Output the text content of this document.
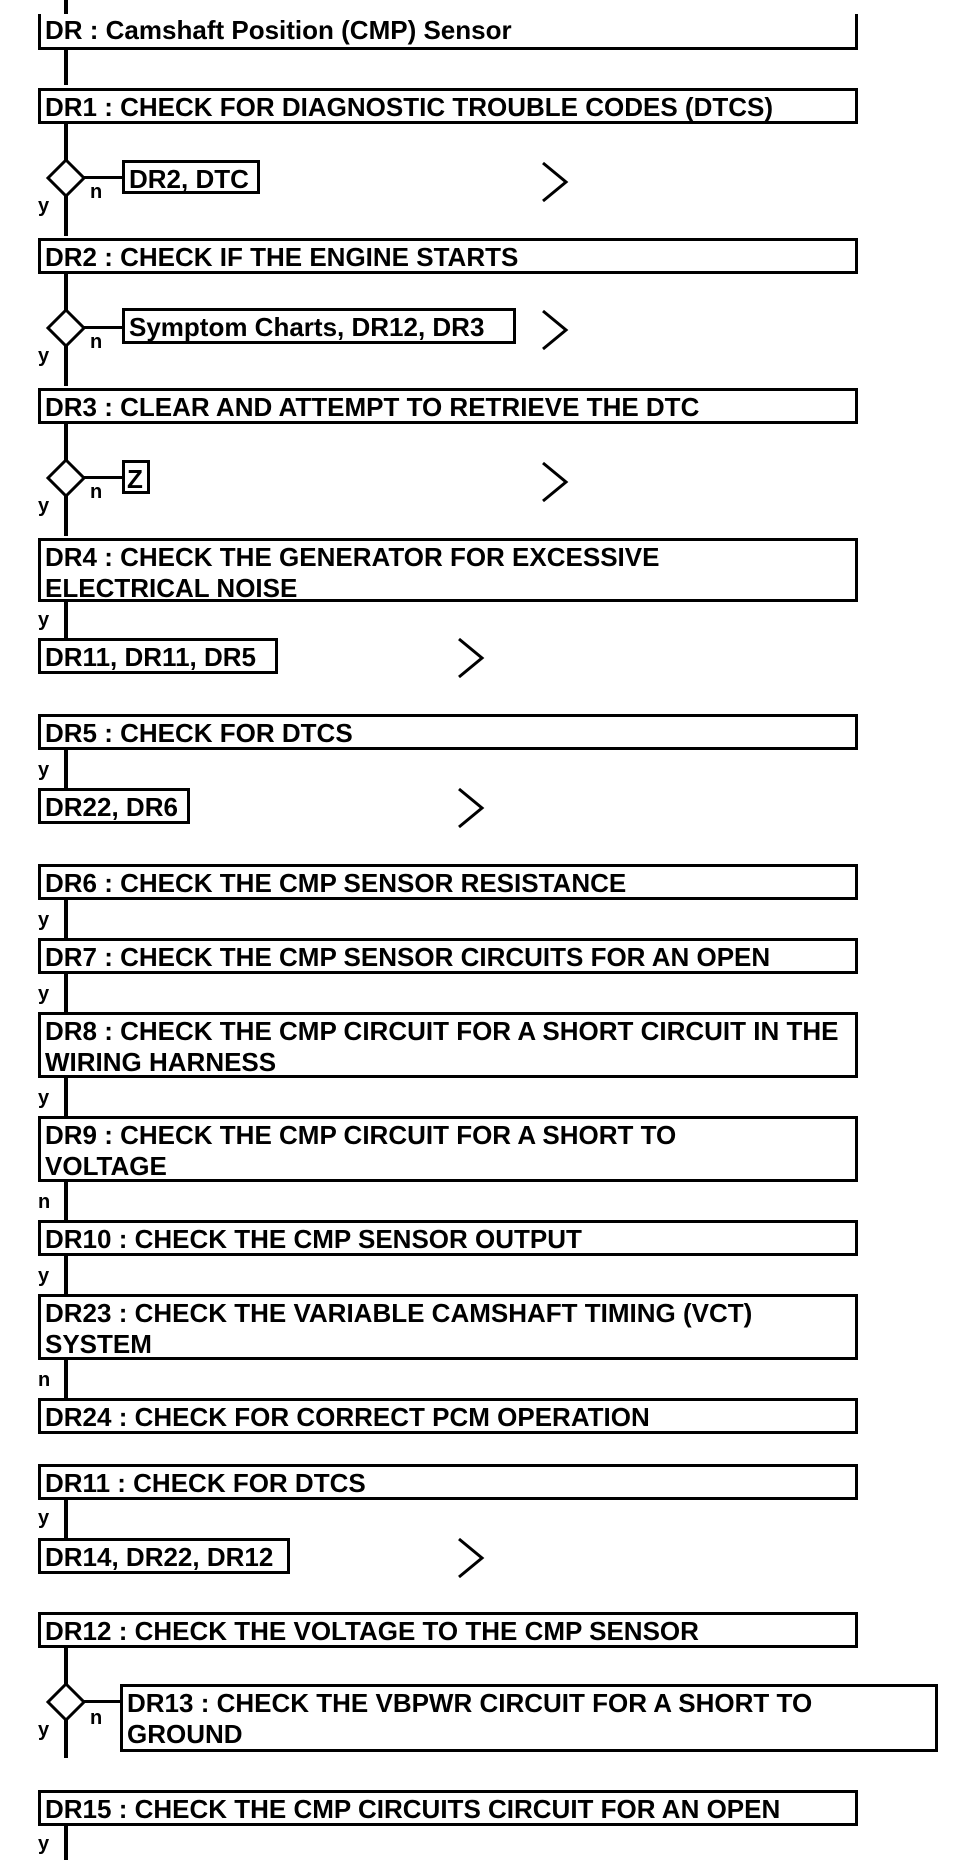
DR : Camshaft Position (CMP) Sensor
DR1 : CHECK FOR DIAGNOSTIC TROUBLE CODES (DTCS)
n
y
DR2, DTC
DR2 : CHECK IF THE ENGINE STARTS
n
y
Symptom Charts, DR12, DR3
DR3 : CLEAR AND ATTEMPT TO RETRIEVE THE DTC
n
y
Z
DR4 : CHECK THE GENERATOR FOR EXCESSIVE ELECTRICAL NOISE
y
DR11, DR11, DR5
DR5 : CHECK FOR DTCS
y
DR22, DR6
DR6 : CHECK THE CMP SENSOR RESISTANCE
y
DR7 : CHECK THE CMP SENSOR CIRCUITS FOR AN OPEN
y
DR8 : CHECK THE CMP CIRCUIT FOR A SHORT CIRCUIT IN THE WIRING HARNESS
y
DR9 : CHECK THE CMP CIRCUIT FOR A SHORT TO VOLTAGE
n
DR10 : CHECK THE CMP SENSOR OUTPUT
y
DR23 : CHECK THE VARIABLE CAMSHAFT TIMING (VCT) SYSTEM
n
DR24 : CHECK FOR CORRECT PCM OPERATION
DR11 : CHECK FOR DTCS
y
DR14, DR22, DR12
DR12 : CHECK THE VOLTAGE TO THE CMP SENSOR
n
y
DR13 : CHECK THE VBPWR CIRCUIT FOR A SHORT TO GROUND
DR15 : CHECK THE CMP CIRCUITS CIRCUIT FOR AN OPEN
y
